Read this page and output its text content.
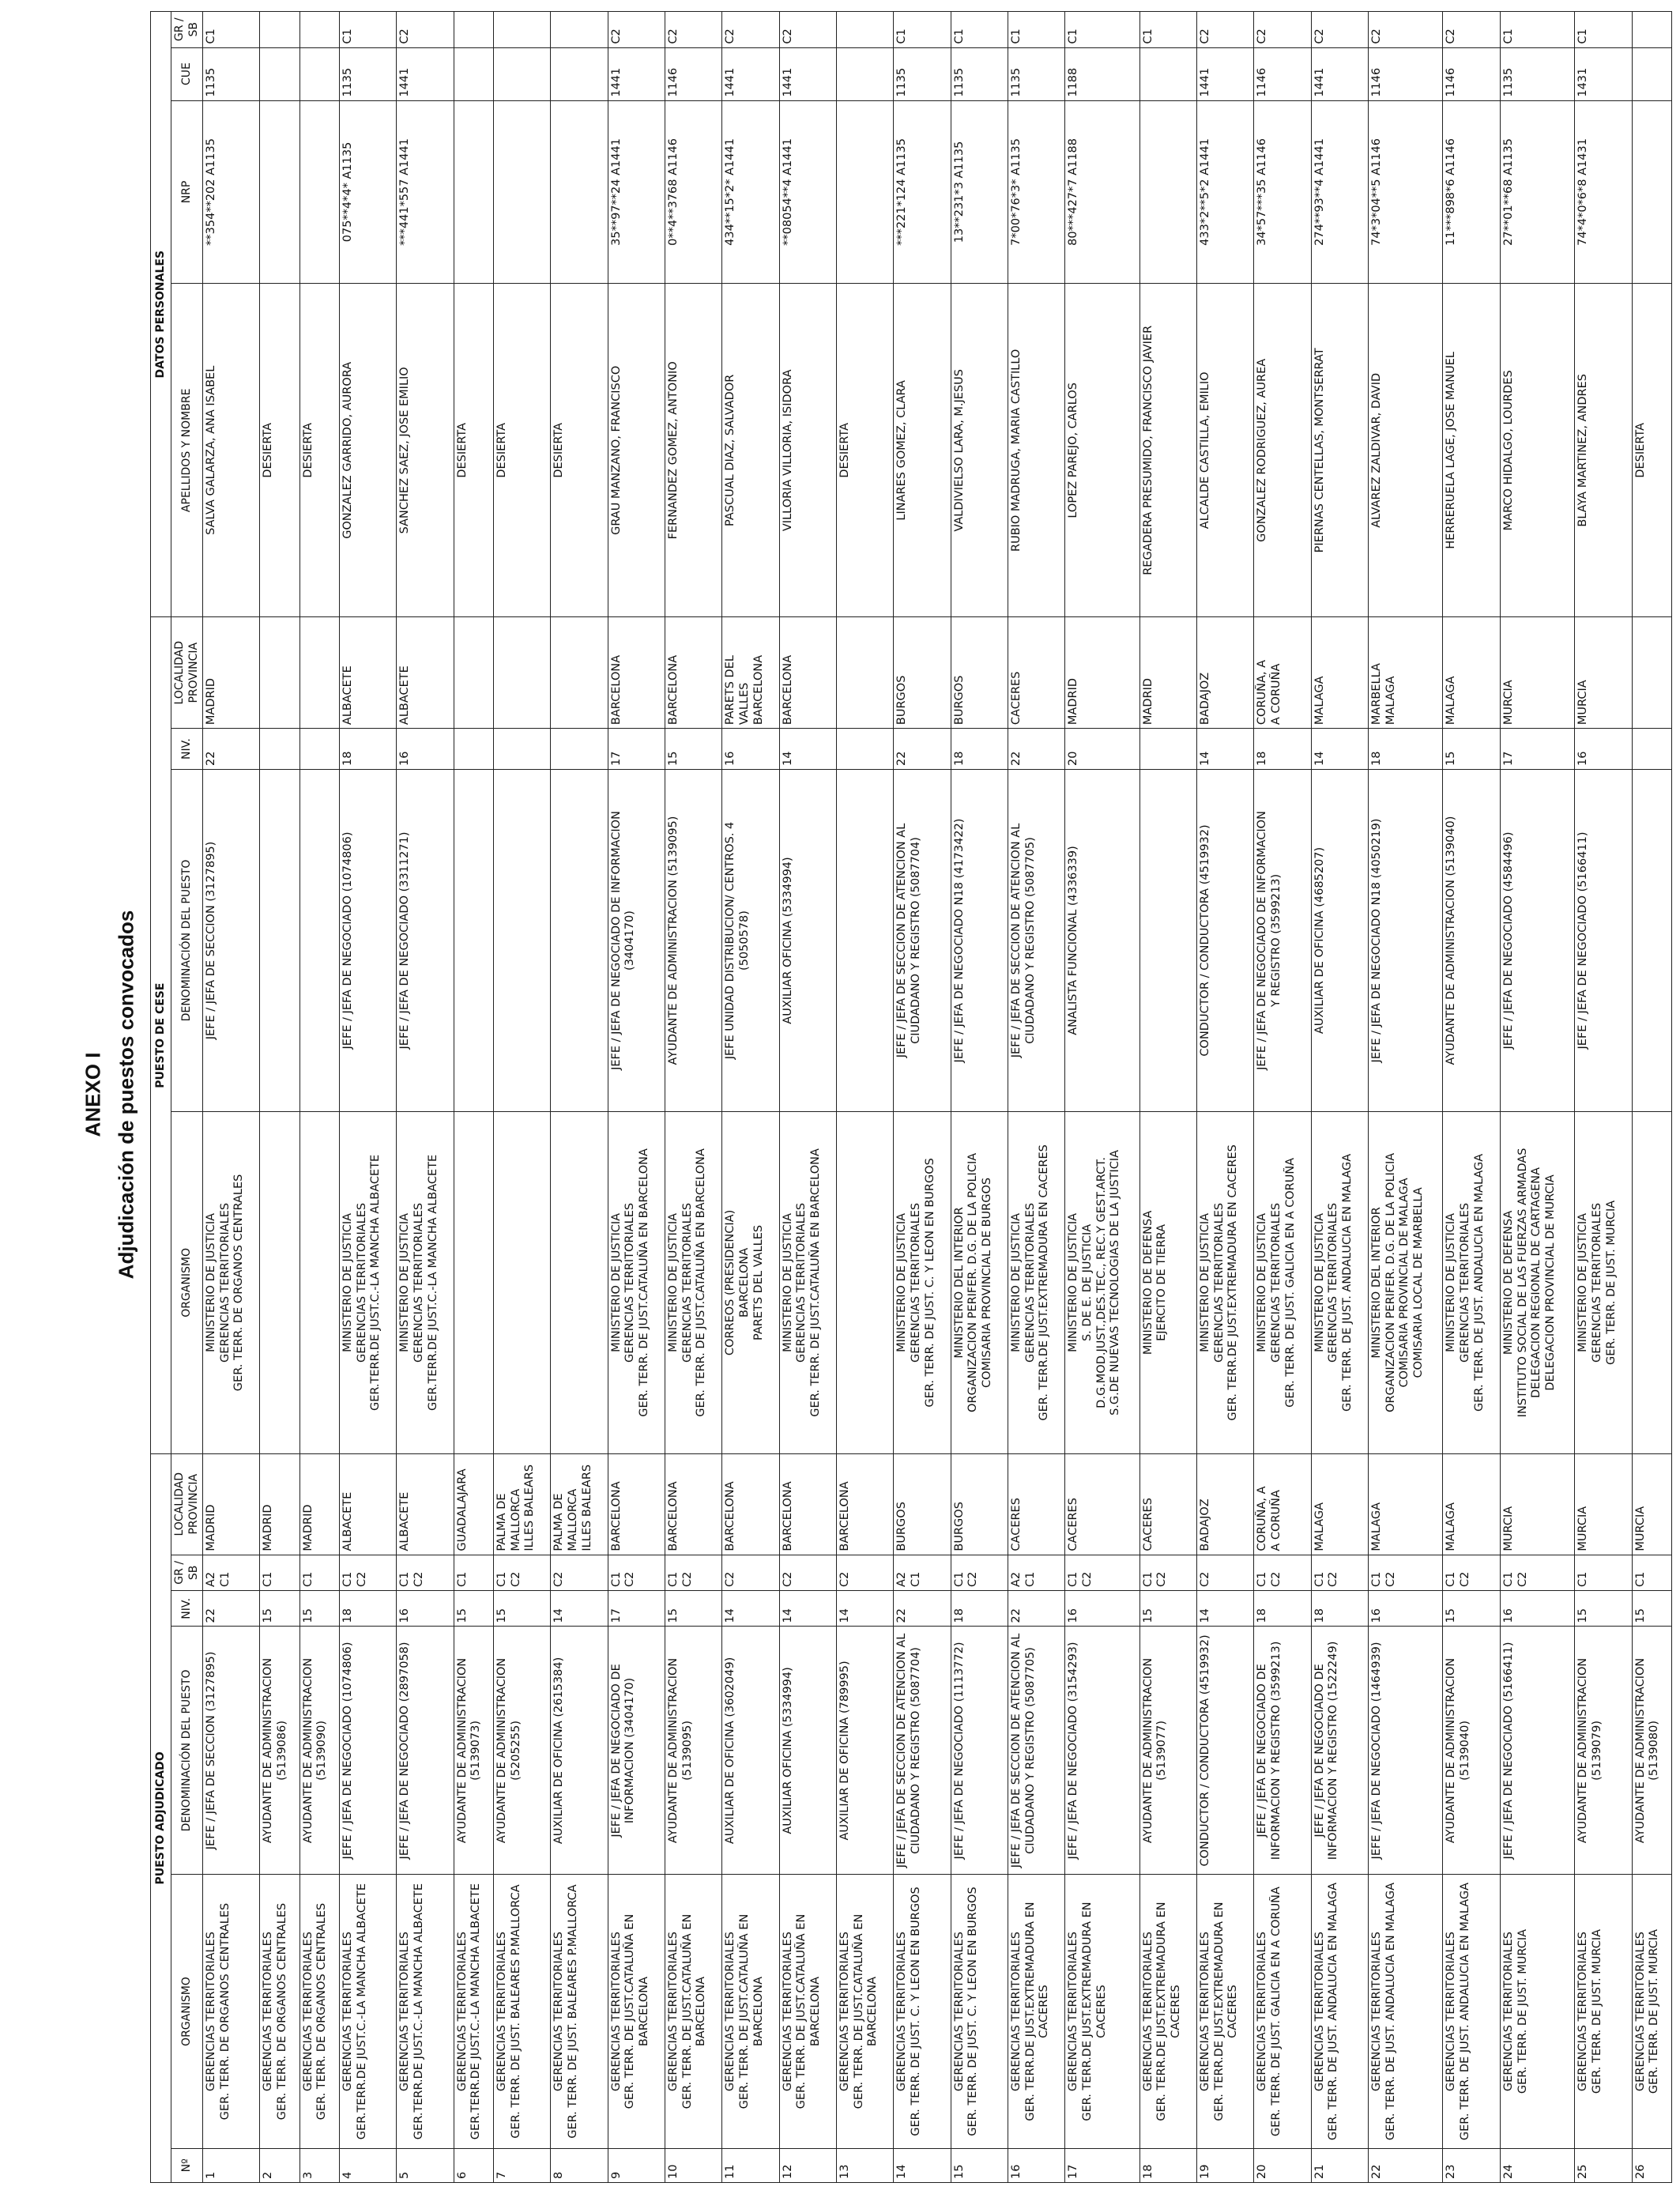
ANEXO I Adjudicación de puestos convocados
PUESTO ADJUDICADO						PUESTO DE CESE				DATOS PERSONALES			
Nº	ORGANISMO	DENOMINACIÓN DEL PUESTO	NIV.	GR / SB	LOCALIDAD PROVINCIA	ORGANISMO	DENOMINACIÓN DEL PUESTO	NIV.	LOCALIDAD PROVINCIA	APELLIDOS Y NOMBRE	NRP	CUE	GR / SB

1	GERENCIAS TERRITORIALES GER. TERR. DE ORGANOS CENTRALES	JEFE / JEFA DE SECCION (3127895)	22	A2 C1	MADRID	MINISTERIO DE JUSTICIA GERENCIAS TERRITORIALES GER. TERR. DE ORGANOS CENTRALES	JEFE / JEFA DE SECCION (3127895)	22	MADRID	SALVA GALARZA, ANA ISABEL	**354**202 A1135	1135	C1

2	GERENCIAS TERRITORIALES GER. TERR. DE ORGANOS CENTRALES	AYUDANTE DE ADMINISTRACION (5139086)	15	C1	MADRID					DESIERTA			

3	GERENCIAS TERRITORIALES GER. TERR. DE ORGANOS CENTRALES	AYUDANTE DE ADMINISTRACION (5139090)	15	C1	MADRID					DESIERTA			

4	GERENCIAS TERRITORIALES GER.TERR.DE JUST.C.-LA MANCHA ALBACETE	JEFE / JEFA DE NEGOCIADO (1074806)	18	C1 C2	ALBACETE	MINISTERIO DE JUSTICIA GERENCIAS TERRITORIALES GER.TERR.DE JUST.C.-LA MANCHA ALBACETE	JEFE / JEFA DE NEGOCIADO (1074806)	18	ALBACETE	GONZALEZ GARRIDO, AURORA	075**4*4* A1135	1135	C1

5	GERENCIAS TERRITORIALES GER.TERR.DE JUST.C.-LA MANCHA ALBACETE	JEFE / JEFA DE NEGOCIADO (2897058)	16	C1 C2	ALBACETE	MINISTERIO DE JUSTICIA GERENCIAS TERRITORIALES GER.TERR.DE JUST.C.-LA MANCHA ALBACETE	JEFE / JEFA DE NEGOCIADO (3311271)	16	ALBACETE	SANCHEZ SAEZ, JOSE EMILIO	***441*557 A1441	1441	C2

6	GERENCIAS TERRITORIALES GER.TERR.DE JUST.C.-LA MANCHA ALBACETE	AYUDANTE DE ADMINISTRACION (5139073)	15	C1	GUADALAJARA					DESIERTA			

7	GERENCIAS TERRITORIALES GER. TERR. DE JUST. BALEARES P.MALLORCA	AYUDANTE DE ADMINISTRACION (5205255)	15	C1 C2	PALMA DE MALLORCA ILLES BALEARS					DESIERTA			

8	GERENCIAS TERRITORIALES GER. TERR. DE JUST. BALEARES P.MALLORCA	AUXILIAR DE OFICINA (2615384)	14	C2	PALMA DE MALLORCA ILLES BALEARS					DESIERTA			

9	GERENCIAS TERRITORIALES GER. TERR. DE JUST.CATALUÑA EN BARCELONA	JEFE / JEFA DE NEGOCIADO DE INFORMACION (3404170)	17	C1 C2	BARCELONA	MINISTERIO DE JUSTICIA GERENCIAS TERRITORIALES GER. TERR. DE JUST.CATALUÑA EN BARCELONA	JEFE / JEFA DE NEGOCIADO DE INFORMACION (3404170)	17	BARCELONA	GRAU MANZANO, FRANCISCO	35**97**24 A1441	1441	C2

10	GERENCIAS TERRITORIALES GER. TERR. DE JUST.CATALUÑA EN BARCELONA	AYUDANTE DE ADMINISTRACION (5139095)	15	C1 C2	BARCELONA	MINISTERIO DE JUSTICIA GERENCIAS TERRITORIALES GER. TERR. DE JUST.CATALUÑA EN BARCELONA	AYUDANTE DE ADMINISTRACION (5139095)	15	BARCELONA	FERNANDEZ GOMEZ, ANTONIO	0**4**3768 A1146	1146	C2

11	GERENCIAS TERRITORIALES GER. TERR. DE JUST.CATALUÑA EN BARCELONA	AUXILIAR DE OFICINA (3602049)	14	C2	BARCELONA	CORREOS (PRESIDENCIA) BARCELONA PARETS DEL VALLES	JEFE UNIDAD DISTRIBUCION/ CENTROS. 4 (5050578)	16	PARETS DEL VALLES BARCELONA	PASCUAL DIAZ, SALVADOR	434**15*2* A1441	1441	C2

12	GERENCIAS TERRITORIALES GER. TERR. DE JUST.CATALUÑA EN BARCELONA	AUXILIAR OFICINA (5334994)	14	C2	BARCELONA	MINISTERIO DE JUSTICIA GERENCIAS TERRITORIALES GER. TERR. DE JUST.CATALUÑA EN BARCELONA	AUXILIAR OFICINA (5334994)	14	BARCELONA	VILLORIA VILLORIA, ISIDORA	**08054**4 A1441	1441	C2

13	GERENCIAS TERRITORIALES GER. TERR. DE JUST.CATALUÑA EN BARCELONA	AUXILIAR DE OFICINA (789995)	14	C2	BARCELONA					DESIERTA			

14	GERENCIAS TERRITORIALES GER. TERR. DE JUST. C. Y LEON EN BURGOS	JEFE / JEFA DE SECCION DE ATENCION AL CIUDADANO Y REGISTRO (5087704)	22	A2 C1	BURGOS	MINISTERIO DE JUSTICIA GERENCIAS TERRITORIALES GER. TERR. DE JUST. C. Y LEON EN BURGOS	JEFE / JEFA DE SECCION DE ATENCION AL CIUDADANO Y REGISTRO (5087704)	22	BURGOS	LINARES GOMEZ, CLARA	***221*124 A1135	1135	C1

15	GERENCIAS TERRITORIALES GER. TERR. DE JUST. C. Y LEON EN BURGOS	JEFE / JEFA DE NEGOCIADO (1113772)	18	C1 C2	BURGOS	MINISTERIO DEL INTERIOR ORGANIZACION PERIFER. D.G. DE LA POLICIA COMISARIA PROVINCIAL DE BURGOS	JEFE / JEFA DE NEGOCIADO N18 (4173422)	18	BURGOS	VALDIVIELSO LARA, M.JESUS	13**231*3 A1135	1135	C1

16	GERENCIAS TERRITORIALES GER. TERR.DE JUST.EXTREMADURA EN CACERES	JEFE / JEFA DE SECCION DE ATENCION AL CIUDADANO Y REGISTRO (5087705)	22	A2 C1	CACERES	MINISTERIO DE JUSTICIA GERENCIAS TERRITORIALES GER. TERR.DE JUST.EXTREMADURA EN CACERES	JEFE / JEFA DE SECCION DE ATENCION AL CIUDADANO Y REGISTRO (5087705)	22	CACERES	RUBIO MADRUGA, MARIA CASTILLO	7*00*76*3* A1135	1135	C1

17	GERENCIAS TERRITORIALES GER. TERR.DE JUST.EXTREMADURA EN CACERES	JEFE / JEFA DE NEGOCIADO (3154293)	16	C1 C2	CACERES	MINISTERIO DE JUSTICIA S. DE E. DE JUSTICIA D.G.MOD.JUST.,DES.TEC., REC.Y GEST.ARCT. S.G.DE NUEVAS TECNOLOGIAS DE LA JUSTICIA	ANALISTA FUNCIONAL (4336339)	20	MADRID	LOPEZ PAREJO, CARLOS	80***427*7 A1188	1188	C1

18	GERENCIAS TERRITORIALES GER. TERR.DE JUST.EXTREMADURA EN CACERES	AYUDANTE DE ADMINISTRACION (5139077)	15	C1 C2	CACERES	MINISTERIO DE DEFENSA EJERCITO DE TIERRA			MADRID	REGADERA PRESUMIDO, FRANCISCO JAVIER			C1

19	GERENCIAS TERRITORIALES GER. TERR.DE JUST.EXTREMADURA EN CACERES	CONDUCTOR / CONDUCTORA (4519932)	14	C2	BADAJOZ	MINISTERIO DE JUSTICIA GERENCIAS TERRITORIALES GER. TERR.DE JUST.EXTREMADURA EN CACERES	CONDUCTOR / CONDUCTORA (4519932)	14	BADAJOZ	ALCALDE CASTILLA, EMILIO	433*2**5*2 A1441	1441	C2

20	GERENCIAS TERRITORIALES GER. TERR. DE JUST. GALICIA EN A CORUÑA	JEFE / JEFA DE NEGOCIADO DE INFORMACION Y REGISTRO (3599213)	18	C1 C2	CORUÑA, A A CORUÑA	MINISTERIO DE JUSTICIA GERENCIAS TERRITORIALES GER. TERR. DE JUST. GALICIA EN A CORUÑA	JEFE / JEFA DE NEGOCIADO DE INFORMACION Y REGISTRO (3599213)	18	CORUÑA, A A CORUÑA	GONZALEZ RODRIGUEZ, AUREA	34*57***35 A1146	1146	C2

21	GERENCIAS TERRITORIALES GER. TERR. DE JUST. ANDALUCIA EN MALAGA	JEFE / JEFA DE NEGOCIADO DE INFORMACION Y REGISTRO (1522249)	18	C1 C2	MALAGA	MINISTERIO DE JUSTICIA GERENCIAS TERRITORIALES GER. TERR. DE JUST. ANDALUCIA EN MALAGA	AUXILIAR DE OFICINA (4685207)	14	MALAGA	PIERNAS CENTELLAS, MONTSERRAT	274**93**4 A1441	1441	C2

22	GERENCIAS TERRITORIALES GER. TERR. DE JUST. ANDALUCIA EN MALAGA	JEFE / JEFA DE NEGOCIADO (1464939)	16	C1 C2	MALAGA	MINISTERIO DEL INTERIOR ORGANIZACION PERIFER. D.G. DE LA POLICIA COMISARIA PROVINCIAL DE MALAGA COMISARIA LOCAL DE MARBELLA	JEFE / JEFA DE NEGOCIADO N18 (4050219)	18	MARBELLA MALAGA	ALVAREZ ZALDIVAR, DAVID	74*3*04**5 A1146	1146	C2

23	GERENCIAS TERRITORIALES GER. TERR. DE JUST. ANDALUCIA EN MALAGA	AYUDANTE DE ADMINISTRACION (5139040)	15	C1 C2	MALAGA	MINISTERIO DE JUSTICIA GERENCIAS TERRITORIALES GER. TERR. DE JUST. ANDALUCIA EN MALAGA	AYUDANTE DE ADMINISTRACION (5139040)	15	MALAGA	HERRERUELA LAGE, JOSE MANUEL	11***898*6 A1146	1146	C2

24	GERENCIAS TERRITORIALES GER. TERR. DE JUST. MURCIA	JEFE / JEFA DE NEGOCIADO (5166411)	16	C1 C2	MURCIA	MINISTERIO DE DEFENSA INSTITUTO SOCIAL DE LAS FUERZAS ARMADAS DELEGACION REGIONAL DE CARTAGENA DELEGACION PROVINCIAL DE MURCIA	JEFE / JEFA DE NEGOCIADO (4584496)	17	MURCIA	MARCO HIDALGO, LOURDES	27**01**68 A1135	1135	C1

25	GERENCIAS TERRITORIALES GER. TERR. DE JUST. MURCIA	AYUDANTE DE ADMINISTRACION (5139079)	15	C1	MURCIA	MINISTERIO DE JUSTICIA GERENCIAS TERRITORIALES GER. TERR. DE JUST. MURCIA	JEFE / JEFA DE NEGOCIADO (5166411)	16	MURCIA	BLAYA MARTINEZ, ANDRES	74*4*0*6*8 A1431	1431	C1

26	GERENCIAS TERRITORIALES GER. TERR. DE JUST. MURCIA	AYUDANTE DE ADMINISTRACION (5139080)	15	C1	MURCIA					DESIERTA			
